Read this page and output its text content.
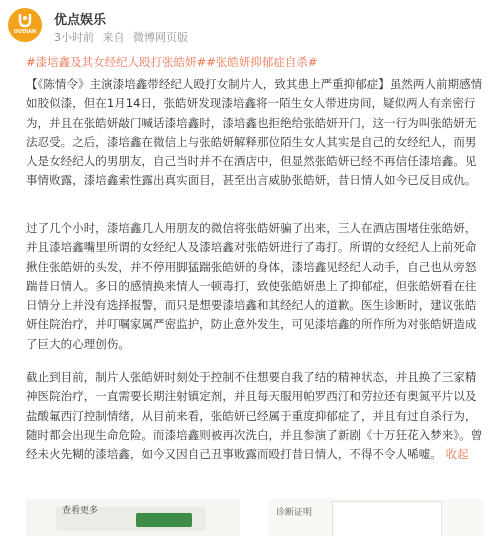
OUDIAN
优点娱乐
3小时前 来自 微博网页版
#漆培鑫及其女经纪人殴打张皓妍##张皓妍抑郁症自杀#
【《陈情令》主演漆培鑫带经纪人殴打女制片人，致其患上严重抑郁症】虽然两人前期感情如胶似漆，但在1月14日，张皓妍发现漆培鑫将一陌生女人带进房间，疑似两人有亲密行为，并且在张皓妍敲门喊话漆培鑫时，漆培鑫也拒绝给张皓妍开门，这一行为叫张皓妍无法忍受。之后，漆培鑫在微信上与张皓妍解释那位陌生女人其实是自己的女经纪人，而男人是女经纪人的男朋友，自己当时并不在酒店中，但显然张皓妍已经不再信任漆培鑫。见事情败露，漆培鑫索性露出真实面目，甚至出言威胁张皓妍，昔日情人如今已反目成仇。
过了几个小时，漆培鑫几人用朋友的微信将张皓妍骗了出来，三人在酒店围堵住张皓妍，并且漆培鑫嘴里所谓的女经纪人及漆培鑫对张皓妍进行了毒打。所谓的女经纪人上前死命揪住张皓妍的头发，并不停用脚猛踹张皓妍的身体，漆培鑫见经纪人动手，自己也从旁怒踹昔日情人。多日的感情换来情人一顿毒打，致使张皓妍患上了抑郁症，但张皓妍看在往日情分上并没有选择报警，而只是想要漆培鑫和其经纪人的道歉。医生诊断时，建议张皓妍住院治疗，并叮嘱家属严密监护，防止意外发生，可见漆培鑫的所作所为对张皓妍造成了巨大的心理创伤。
截止到目前，制片人张皓妍时刻处于控制不住想要自我了结的精神状态，并且换了三家精神医院治疗，一直需要长期注射镇定剂，并且每天服用帕罗西汀和劳拉还有奥氮平片以及盐酸氟西汀控制情绪，从目前来看，张皓妍已经属于重度抑郁症了，并且有过自杀行为，随时都会出现生命危险。而漆培鑫则被再次洗白，并且参演了新剧《十万狂花入梦来》。曾经未火先糊的漆培鑫，如今又因自己丑事败露而殴打昔日情人，不得不令人唏嘘。 收起
查看更多	诊断证明
